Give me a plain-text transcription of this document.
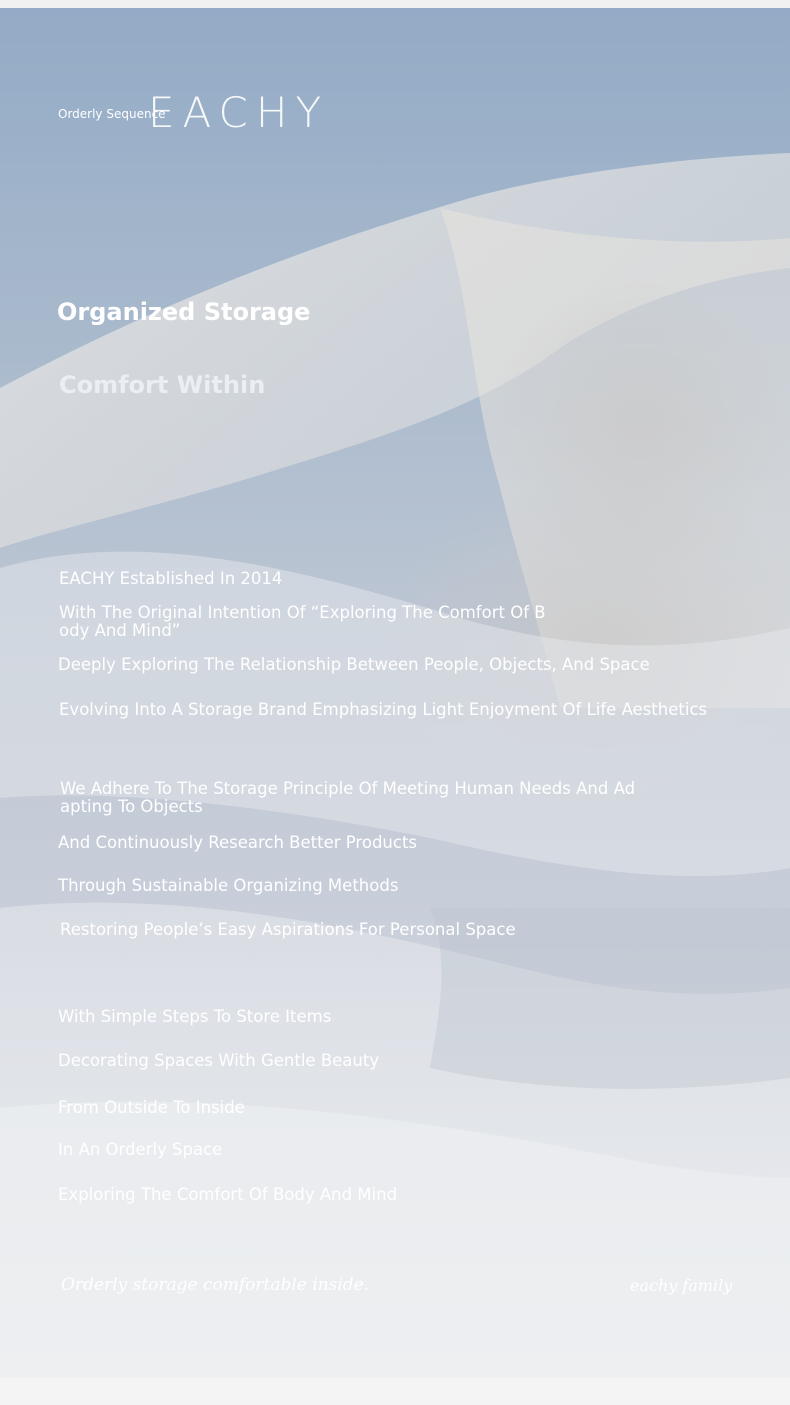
Orderly Sequence
EACHY
Organized Storage
Comfort Within
EACHY Established In 2014
With The Original Intention Of “Exploring The Comfort Of Body And Mind”
Deeply Exploring The Relationship Between People, Objects, And Space
Evolving Into A Storage Brand Emphasizing Light Enjoyment Of Life Aesthetics
We Adhere To The Storage Principle Of Meeting Human Needs And Adapting To Objects
And Continuously Research Better Products
Through Sustainable Organizing Methods
Restoring People’s Easy Aspirations For Personal Space
With Simple Steps To Store Items
Decorating Spaces With Gentle Beauty
From Outside To Inside
In An Orderly Space
Exploring The Comfort Of Body And Mind
Orderly storage comfortable inside.	eachy family
